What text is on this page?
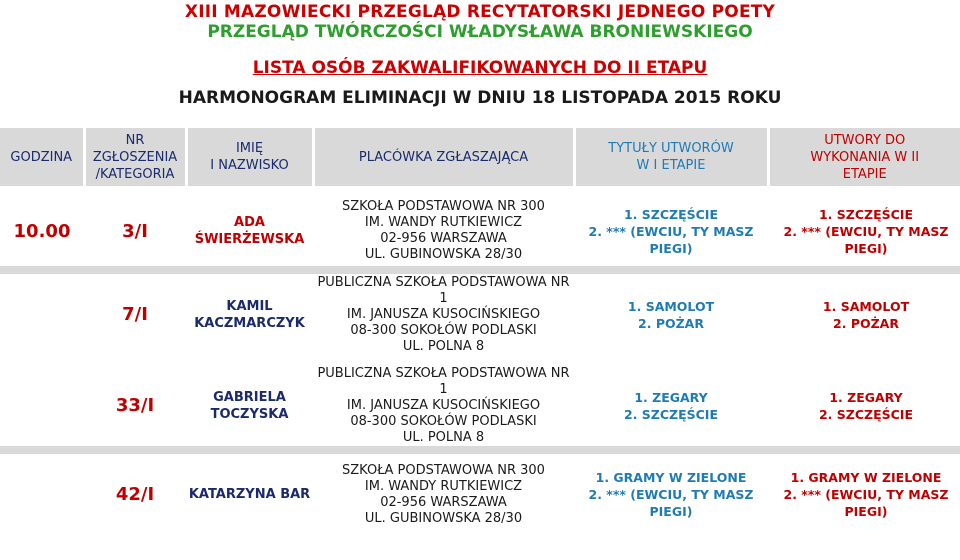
XIII MAZOWIECKI PRZEGLĄD RECYTATORSKI JEDNEGO POETY
PRZEGLĄD TWÓRCZOŚCI WŁADYSŁAWA BRONIEWSKIEGO
LISTA OSÓB ZAKWALIFIKOWANYCH DO II ETAPU
HARMONOGRAM ELIMINACJI W DNIU 18 LISTOPADA 2015 ROKU
GODZINA	NR
ZGŁOSZENIA
/KATEGORIA	IMIĘ
I NAZWISKO	PLACÓWKA ZGŁASZAJĄCA	TYTUŁY UTWORÓW
W I ETAPIE	UTWORY DO
WYKONANIA W II
ETAPIE

10.00	3/I	ADA
ŚWIERŻEWSKA	SZKOŁA PODSTAWOWA NR 300
IM. WANDY RUTKIEWICZ
02-956 WARSZAWA
UL. GUBINOWSKA 28/30	1. SZCZĘŚCIE
2. *** (EWCIU, TY MASZ
PIEGI)	1. SZCZĘŚCIE
2. *** (EWCIU, TY MASZ
PIEGI)

	7/I	KAMIL
KACZMARCZYK	PUBLICZNA SZKOŁA PODSTAWOWA NR
1
IM. JANUSZA KUSOCIŃSKIEGO
08-300 SOKOŁÓW PODLASKI
UL. POLNA 8	1. SAMOLOT
2. POŻAR	1. SAMOLOT
2. POŻAR

	33/I	GABRIELA
TOCZYSKA	PUBLICZNA SZKOŁA PODSTAWOWA NR
1
IM. JANUSZA KUSOCIŃSKIEGO
08-300 SOKOŁÓW PODLASKI
UL. POLNA 8	1. ZEGARY
2. SZCZĘŚCIE	1. ZEGARY
2. SZCZĘŚCIE

	42/I	KATARZYNA BAR	SZKOŁA PODSTAWOWA NR 300
IM. WANDY RUTKIEWICZ
02-956 WARSZAWA
UL. GUBINOWSKA 28/30	1. GRAMY W ZIELONE
2. *** (EWCIU, TY MASZ
PIEGI)	1. GRAMY W ZIELONE
2. *** (EWCIU, TY MASZ
PIEGI)
